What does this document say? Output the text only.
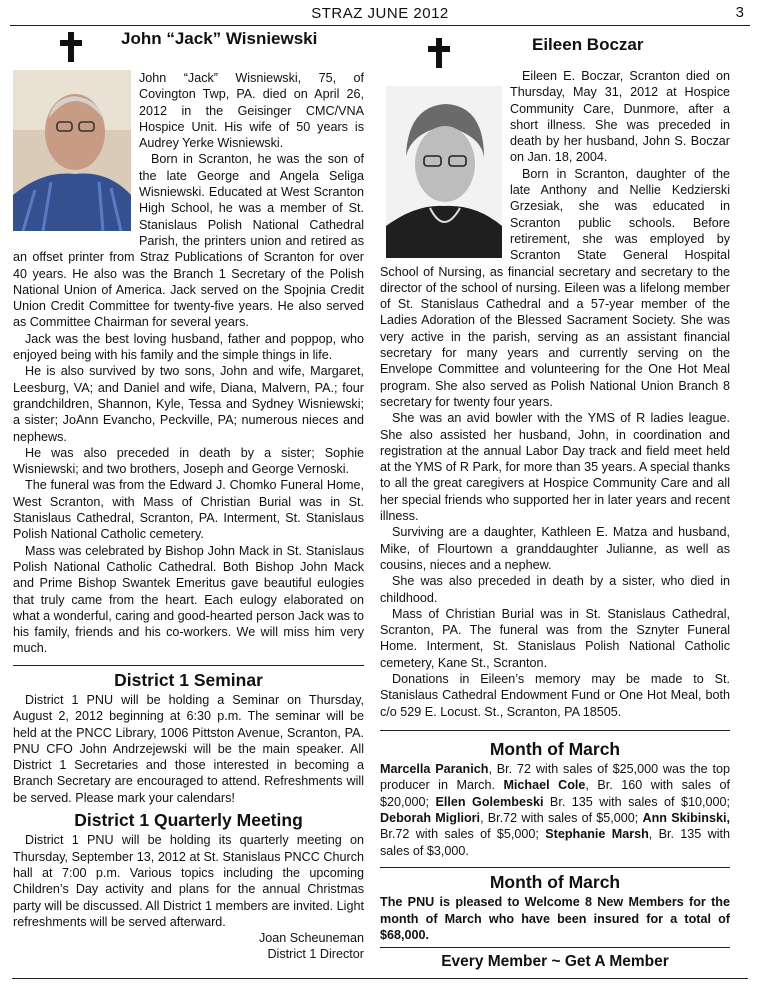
STRAZ JUNE 2012	3
John “Jack” Wisniewski

John “Jack” Wisniewski, 75, of Covington Twp, PA. died on April 26, 2012 in the Geisinger CMC/VNA Hospice Unit. His wife of 50 years is Audrey Yerke Wisniewski.

Born in Scranton, he was the son of the late George and Angela Seliga Wisniewski. Educated at West Scranton High School, he was a member of St. Stanislaus Polish National Cathedral Parish, the printers union and retired as an offset printer from Straz Publications of Scranton for over 40 years. He also was the Branch 1 Secretary of the Polish National Union of America. Jack served on the Spojnia Credit Union Credit Committee for twenty-five years. He also served as Committee Chairman for several years.

Jack was the best loving husband, father and poppop, who enjoyed being with his family and the simple things in life.

He is also survived by two sons, John and wife, Margaret, Leesburg, VA; and Daniel and wife, Diana, Malvern, PA.; four grandchildren, Shannon, Kyle, Tessa and Sydney Wisniewski; a sister; JoAnn Evancho, Peckville, PA; numerous nieces and nephews.

He was also preceded in death by a sister; Sophie Wisniewski; and two brothers, Joseph and George Vernoski.

The funeral was from the Edward J. Chomko Funeral Home, West Scranton, with Mass of Christian Burial was in St. Stanislaus Cathedral, Scranton, PA. Interment, St. Stanislaus Polish National Catholic cemetery.

Mass was celebrated by Bishop John Mack in St. Stanislaus Polish National Catholic Cathedral. Both Bishop John Mack and Prime Bishop Swantek Emeritus gave beautiful eulogies that truly came from the heart. Each eulogy elaborated on what a wonderful, caring and good-hearted person Jack was to his family, friends and his co-workers. We will miss him very much.

District 1 Seminar

District 1 PNU will be holding a Seminar on Thursday, August 2, 2012 beginning at 6:30 p.m. The seminar will be held at the PNCC Library, 1006 Pittston Avenue, Scranton, PA. PNU CFO John Andrzejewski will be the main speaker. All District 1 Secretaries and those interested in becoming a Branch Secretary are encouraged to attend. Refreshments will be served. Please mark your calendars!

District 1 Quarterly Meeting

District 1 PNU will be holding its quarterly meeting on Thursday, September 13, 2012 at St. Stanislaus PNCC Church hall at 7:00 p.m. Various topics including the upcoming Children’s Day activity and plans for the annual Christmas party will be discussed. All District 1 members are invited. Light refreshments will be served afterward.

Joan Scheuneman

District 1 Director

Eileen Boczar

Eileen E. Boczar, Scranton died on Thursday, May 31, 2012 at Hospice Community Care, Dunmore, after a short illness. She was preceded in death by her husband, John S. Boczar on Jan. 18, 2004.

Born in Scranton, daughter of the late Anthony and Nellie Kedzierski Grzesiak, she was educated in Scranton public schools. Before retirement, she was employed by Scranton State General Hospital School of Nursing, as financial secretary and secretary to the director of the school of nursing. Eileen was a lifelong member of St. Stanislaus Cathedral and a 57-year member of the Ladies Adoration of the Blessed Sacrament Society. She was very active in the parish, serving as an assistant financial secretary for many years and currently serving on the Envelope Committee and volunteering for the One Hot Meal program. She also served as Polish National Union Branch 8 secretary for twenty four years.

She was an avid bowler with the YMS of R ladies league. She also assisted her husband, John, in coordination and registration at the annual Labor Day track and field meet held at the YMS of R Park, for more than 35 years. A special thanks to all the great caregivers at Hospice Community Care and all her special friends who supported her in later years and recent illness.

Surviving are a daughter, Kathleen E. Matza and husband, Mike, of Flourtown a granddaughter Julianne, as well as cousins, nieces and a nephew.

She was also preceded in death by a sister, who died in childhood.

Mass of Christian Burial was in St. Stanislaus Cathedral, Scranton, PA. The funeral was from the Sznyter Funeral Home. Interment, St. Stanislaus Polish National Catholic cemetery, Kane St., Scranton.

Donations in Eileen’s memory may be made to St. Stanislaus Cathedral Endowment Fund or One Hot Meal, both c/o 529 E. Locust. St., Scranton, PA 18505.

Month of March

Marcella Paranich, Br. 72 with sales of $25,000 was the top producer in March. Michael Cole, Br. 160 with sales of $20,000; Ellen Golembeski Br. 135 with sales of $10,000; Deborah Migliori, Br.72 with sales of $5,000; Ann Skibinski, Br.72 with sales of $5,000; Stephanie Marsh, Br. 135 with sales of $3,000.

Month of March

The PNU is pleased to Welcome 8 New Members for the month of March who have been insured for a total of $68,000.

Every Member ~ Get A Member
